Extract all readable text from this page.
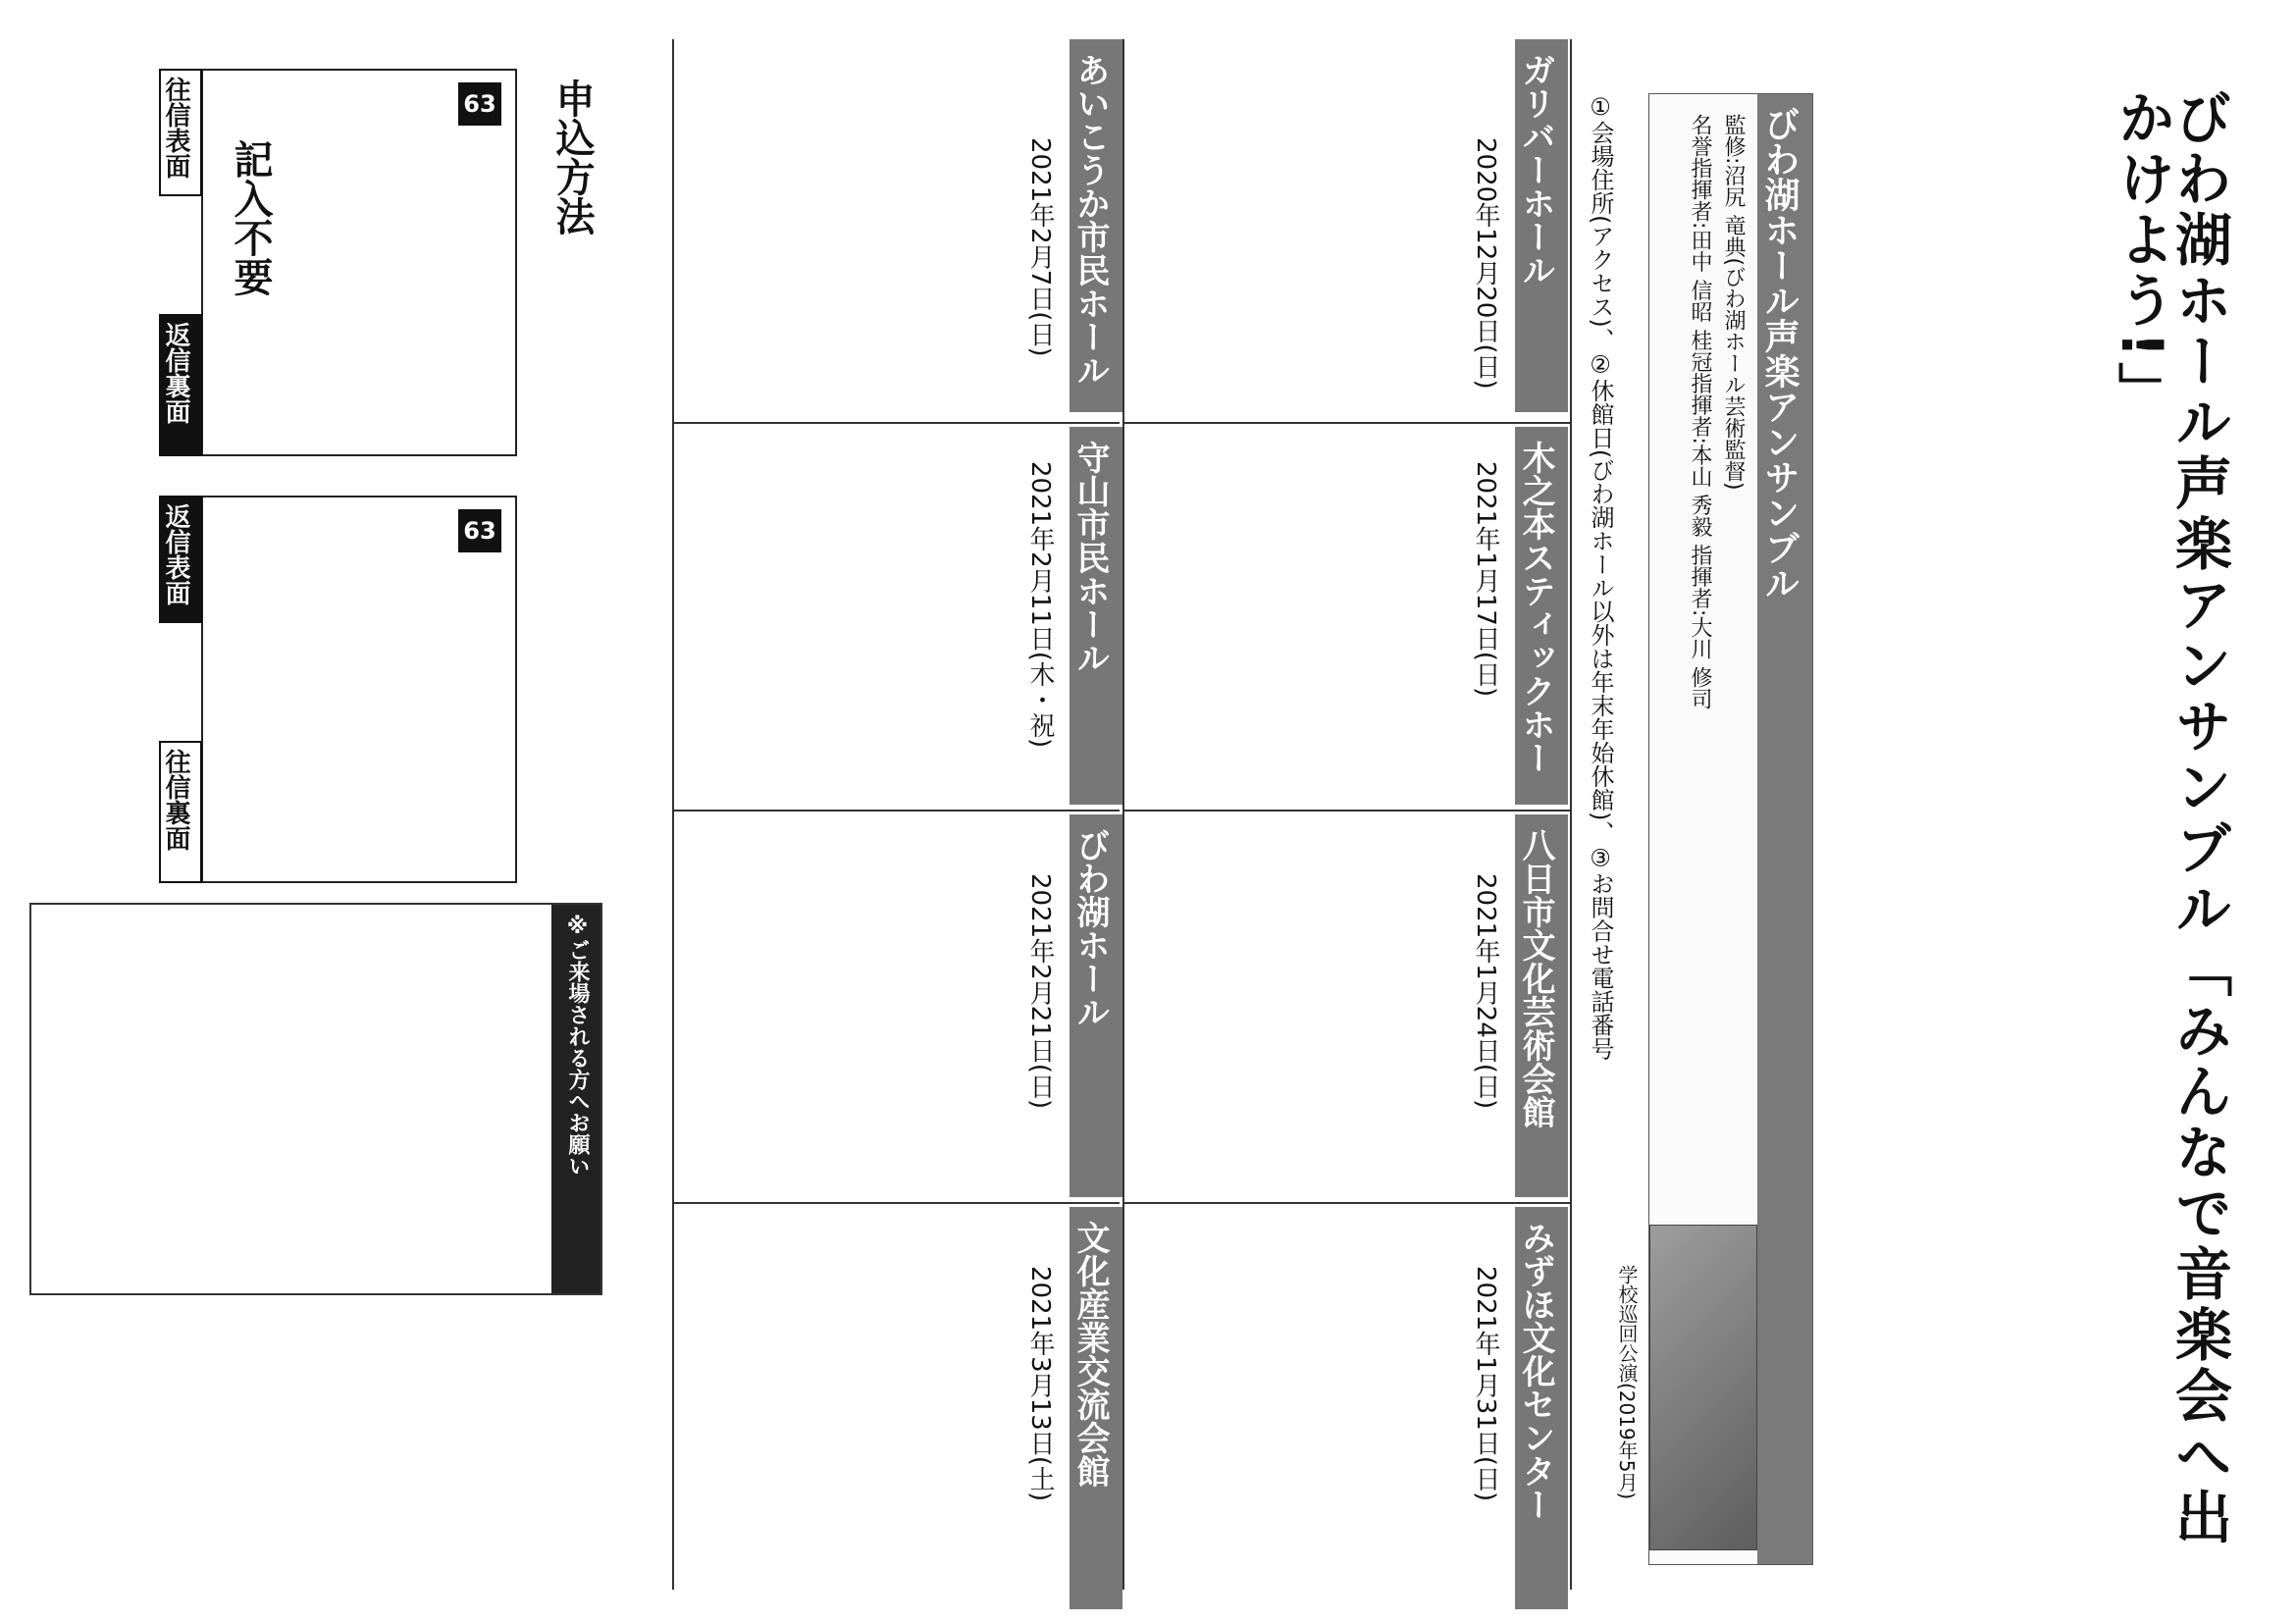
びわ湖ホール声楽アンサンブル「みんなで音楽会へ出かけよう!」
びわ湖ホール声楽アンサンブル
監修:沼尻 竜典(びわ湖ホール芸術監督)
名誉指揮者:田中 信昭 桂冠指揮者:本山 秀毅 指揮者:大川 修司
学校巡回公演(2019年5月)
①会場住所(アクセス)、②休館日(びわ湖ホール以外は年末年始休館)、③お問合せ電話番号
ガリバーホール
木之本スティックホール
八日市文化芸術会館
みずほ文化センター
2020年12月20日(日)
2021年1月17日(日)
2021年1月24日(日)
2021年1月31日(日)
あいこうか市民ホール
守山市民ホール
びわ湖ホール
文化産業交流会館
2021年2月7日(日)
2021年2月11日(木・祝)
2021年2月21日(日)
2021年3月13日(土)
申込方法
※ご来場される方へお願い
63
記入不要
往信表面
返信裏面
63
返信表面
往信裏面
